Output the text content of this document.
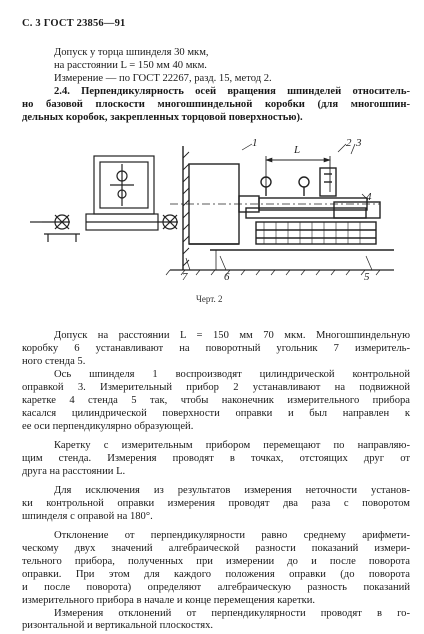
С. 3 ГОСТ 23856—91
Допуск у торца шпинделя 30 мкм,
на расстоянии L = 150 мм 40 мкм.
Измерение — по ГОСТ 22267, разд. 15, метод 2.
2.4. Перпендикулярность осей вращения шпинделей относитель-
но базовой плоскости многошпиндельной коробки (для многошпин-
дельных коробок, закрепленных торцовой поверхностью).
1
L
2 3
4
7	6	5
Черт. 2
Допуск на расстоянии L = 150 мм 70 мкм. Многошпиндельную
коробку 6 устанавливают на поворотный угольник 7 измеритель-
ного стенда 5.
Ось шпинделя 1 воспроизводят цилиндрической контрольной
оправкой 3. Измерительный прибор 2 устанавливают на подвижной
каретке 4 стенда 5 так, чтобы наконечник измерительного прибора
касался цилиндрической поверхности оправки и был направлен к
ее оси перпендикулярно образующей.
Каретку с измерительным прибором перемещают по направляю-
щим стенда. Измерения проводят в точках, отстоящих друг от
друга на расстоянии L.
Для исключения из результатов измерения неточности установ-
ки контрольной оправки измерения проводят два раза с поворотом
шпинделя с оправой на 180°.
Отклонение от перпендикулярности равно среднему арифмети-
ческому двух значений алгебраической разности показаний измери-
тельного прибора, полученных при измерении до и после поворота
оправки. При этом для каждого положения оправки (до поворота
и после поворота) определяют алгебраическую разность показаний
измерительного прибора в начале и конце перемещения каретки.
Измерения отклонений от перпендикулярности проводят в го-
ризонтальной и вертикальной плоскостях.
